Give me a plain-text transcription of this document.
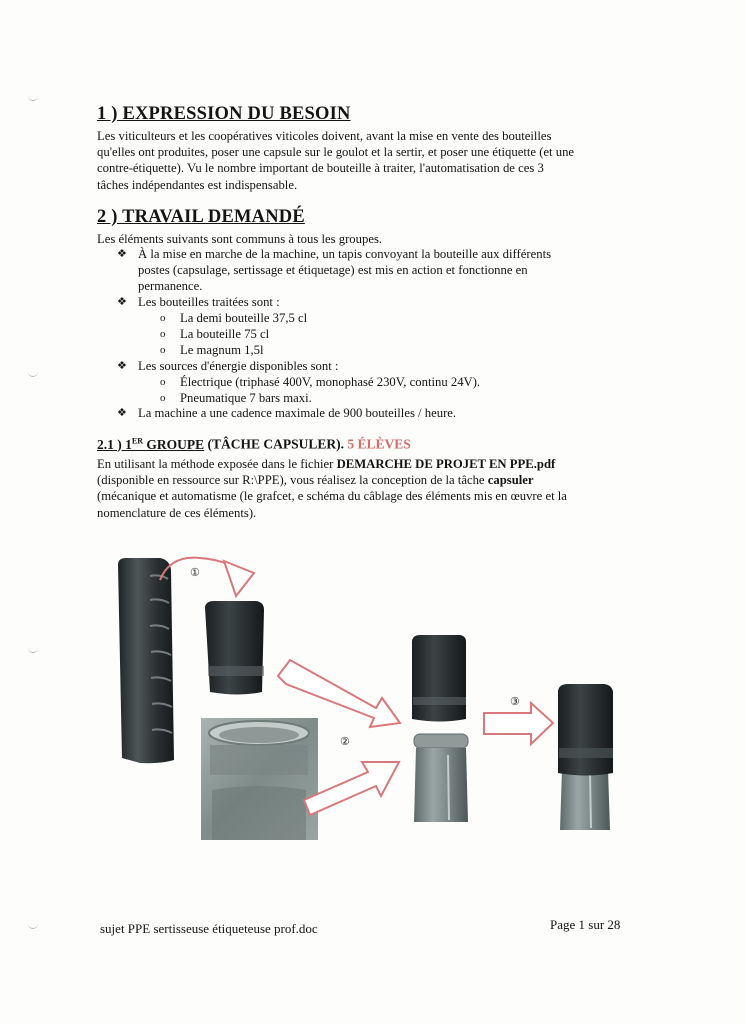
1 ) EXPRESSION DU BESOIN
Les viticulteurs et les coopératives viticoles doivent, avant la mise en vente des bouteilles
qu'elles ont produites, poser une capsule sur le goulot et la sertir, et poser une étiquette (et une
contre-étiquette). Vu le nombre important de bouteille à traiter, l'automatisation de ces 3
tâches indépendantes est indispensable.
2 ) TRAVAIL DEMANDÉ
Les éléments suivants sont communs à tous les groupes.
❖ À la mise en marche de la machine, un tapis convoyant la bouteille aux différents
postes (capsulage, sertissage et étiquetage) est mis en action et fonctionne en
permanence.
❖ Les bouteilles traitées sont :
o La demi bouteille 37,5 cl
o La bouteille 75 cl
o Le magnum 1,5l
❖ Les sources d'énergie disponibles sont :
o Électrique (triphasé 400V, monophasé 230V, continu 24V).
o Pneumatique 7 bars maxi.
❖ La machine a une cadence maximale de 900 bouteilles / heure.
2.1 ) 1ER GROUPE (TÂCHE CAPSULER). 5 ÉLÈVES
En utilisant la méthode exposée dans le fichier DEMARCHE DE PROJET EN PPE.pdf
(disponible en ressource sur R:\PPE), vous réalisez la conception de la tâche capsuler
(mécanique et automatisme (le grafcet, e schéma du câblage des éléments mis en œuvre et la
nomenclature de ces éléments).
①
②
③
sujet PPE sertisseuse étiqueteuse prof.doc	Page 1 sur 28
